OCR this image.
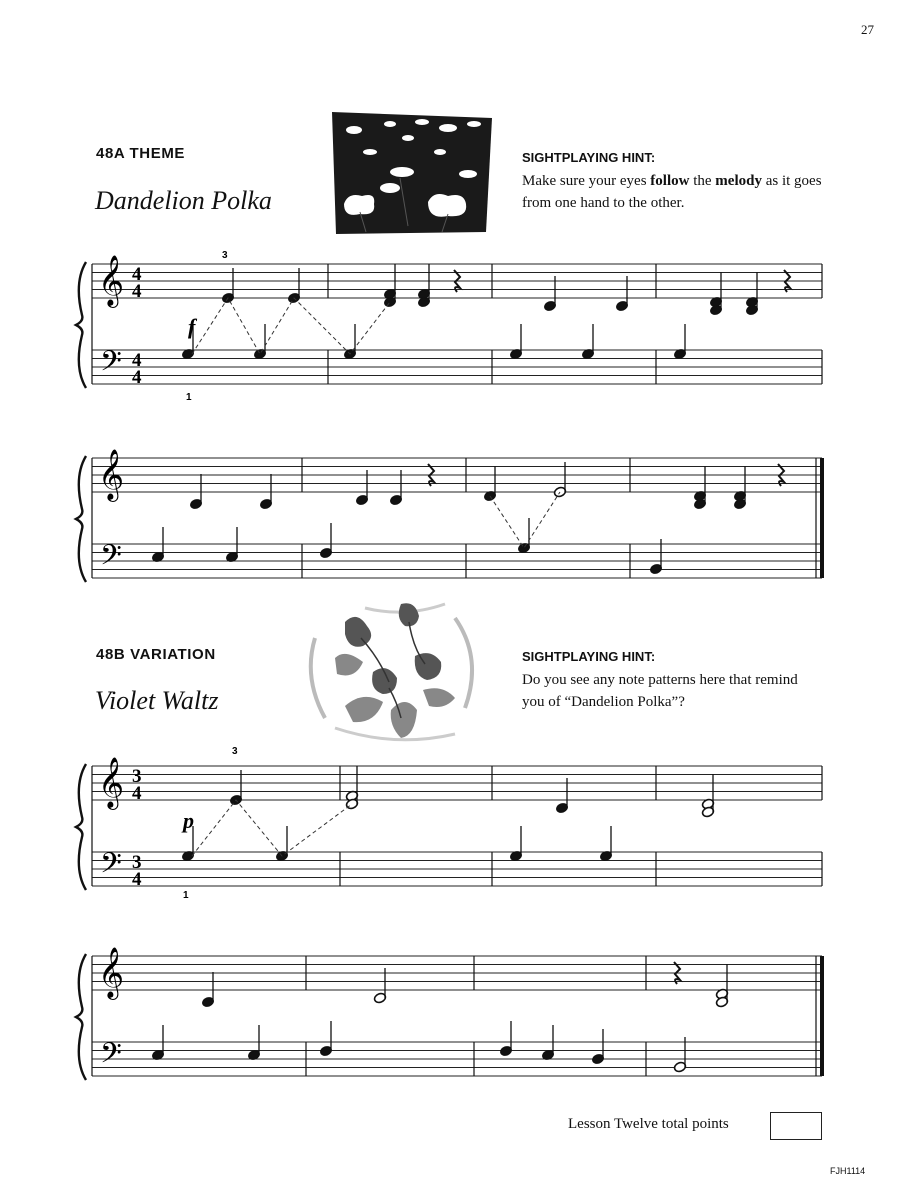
27
48A THEME
Dandelion Polka
SIGHTPLAYING HINT:
Make sure your eyes follow the melody as it goes from one hand to the other.
48B VARIATION
Violet Waltz
SIGHTPLAYING HINT:
Do you see any note patterns here that remind you of “Dandelion Polka”?
Lesson Twelve total points
FJH1114
𝄞
𝄢
4
4
4
4
𝄞
𝄢
𝄞
𝄢
3
4
3
4
𝄞
𝄢
f
3
1
p
3
1
